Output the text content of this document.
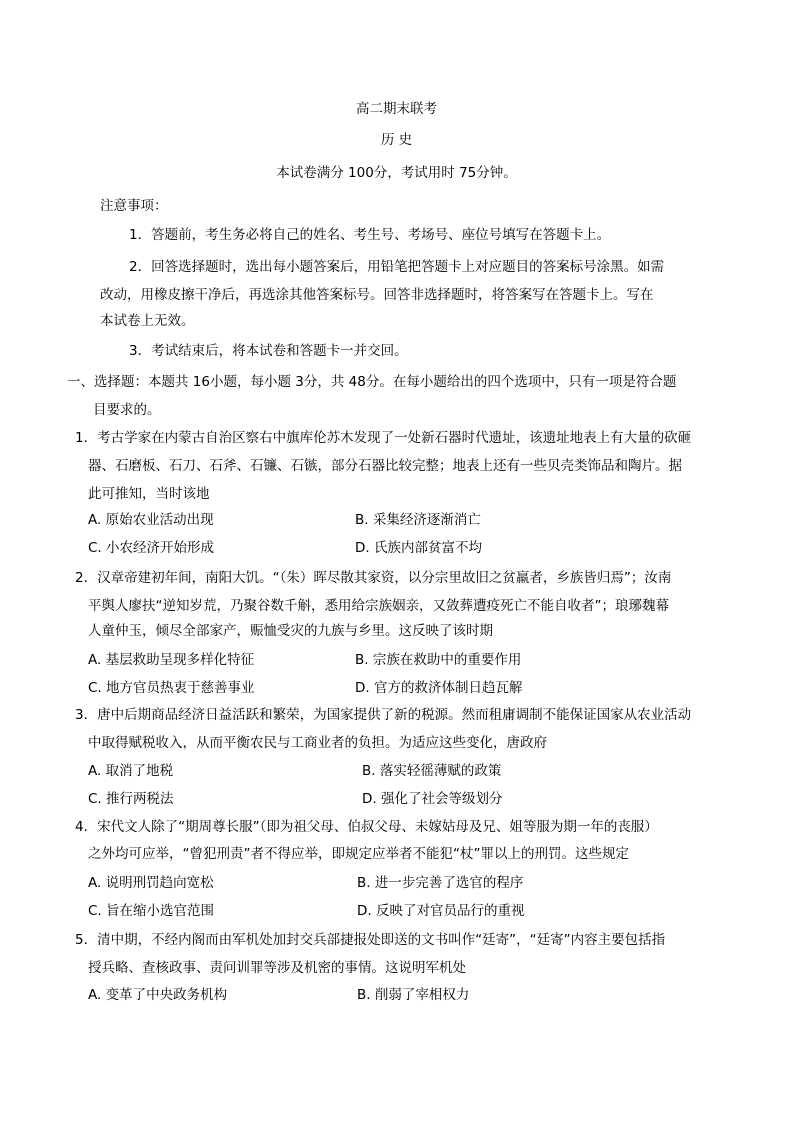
高二期末联考
历 史
本试卷满分 100分，考试用时 75分钟。
注意事项：
1．答题前，考生务必将自己的姓名、考生号、考场号、座位号填写在答题卡上。
2．回答选择题时，选出每小题答案后，用铅笔把答题卡上对应题目的答案标号涂黑。如需
改动，用橡皮擦干净后，再选涂其他答案标号。回答非选择题时，将答案写在答题卡上。写在
本试卷上无效。
3．考试结束后，将本试卷和答题卡一并交回。
一、选择题：本题共 16小题，每小题 3分，共 48分。在每小题给出的四个选项中，只有一项是符合题
目要求的。
1．考古学家在内蒙古自治区察右中旗库伦苏木发现了一处新石器时代遗址，该遗址地表上有大量的砍砸
器、石磨板、石刀、石斧、石镰、石镞，部分石器比较完整；地表上还有一些贝壳类饰品和陶片。据
此可推知，当时该地
A. 原始农业活动出现	B. 采集经济逐渐消亡
C. 小农经济开始形成	D. 氏族内部贫富不均
2．汉章帝建初年间，南阳大饥。“（朱）晖尽散其家资，以分宗里故旧之贫羸者，乡族皆归焉”；汝南
平舆人廖扶“逆知岁荒，乃聚谷数千斛，悉用给宗族姻亲，又敛葬遭疫死亡不能自收者”；琅琊魏幕
人童仲玉，倾尽全部家产，赈恤受灾的九族与乡里。这反映了该时期
A. 基层救助呈现多样化特征	B. 宗族在救助中的重要作用
C. 地方官员热衷于慈善事业	D. 官方的救济体制日趋瓦解
3．唐中后期商品经济日益活跃和繁荣，为国家提供了新的税源。然而租庸调制不能保证国家从农业活动
中取得赋税收入，从而平衡农民与工商业者的负担。为适应这些变化，唐政府
A. 取消了地税	B. 落实轻徭薄赋的政策
C. 推行两税法	D. 强化了社会等级划分
4．宋代文人除了“期周尊长服”（即为祖父母、伯叔父母、未嫁姑母及兄、姐等服为期一年的丧服）
之外均可应举，“曾犯刑责”者不得应举，即规定应举者不能犯“杖”罪以上的刑罚。这些规定
A. 说明刑罚趋向宽松	B. 进一步完善了选官的程序
C. 旨在缩小选官范围	D. 反映了对官员品行的重视
5．清中期，不经内阁而由军机处加封交兵部捷报处即送的文书叫作“廷寄”，“廷寄”内容主要包括指
授兵略、查核政事、责问训罪等涉及机密的事情。这说明军机处
A. 变革了中央政务机构	B. 削弱了宰相权力
